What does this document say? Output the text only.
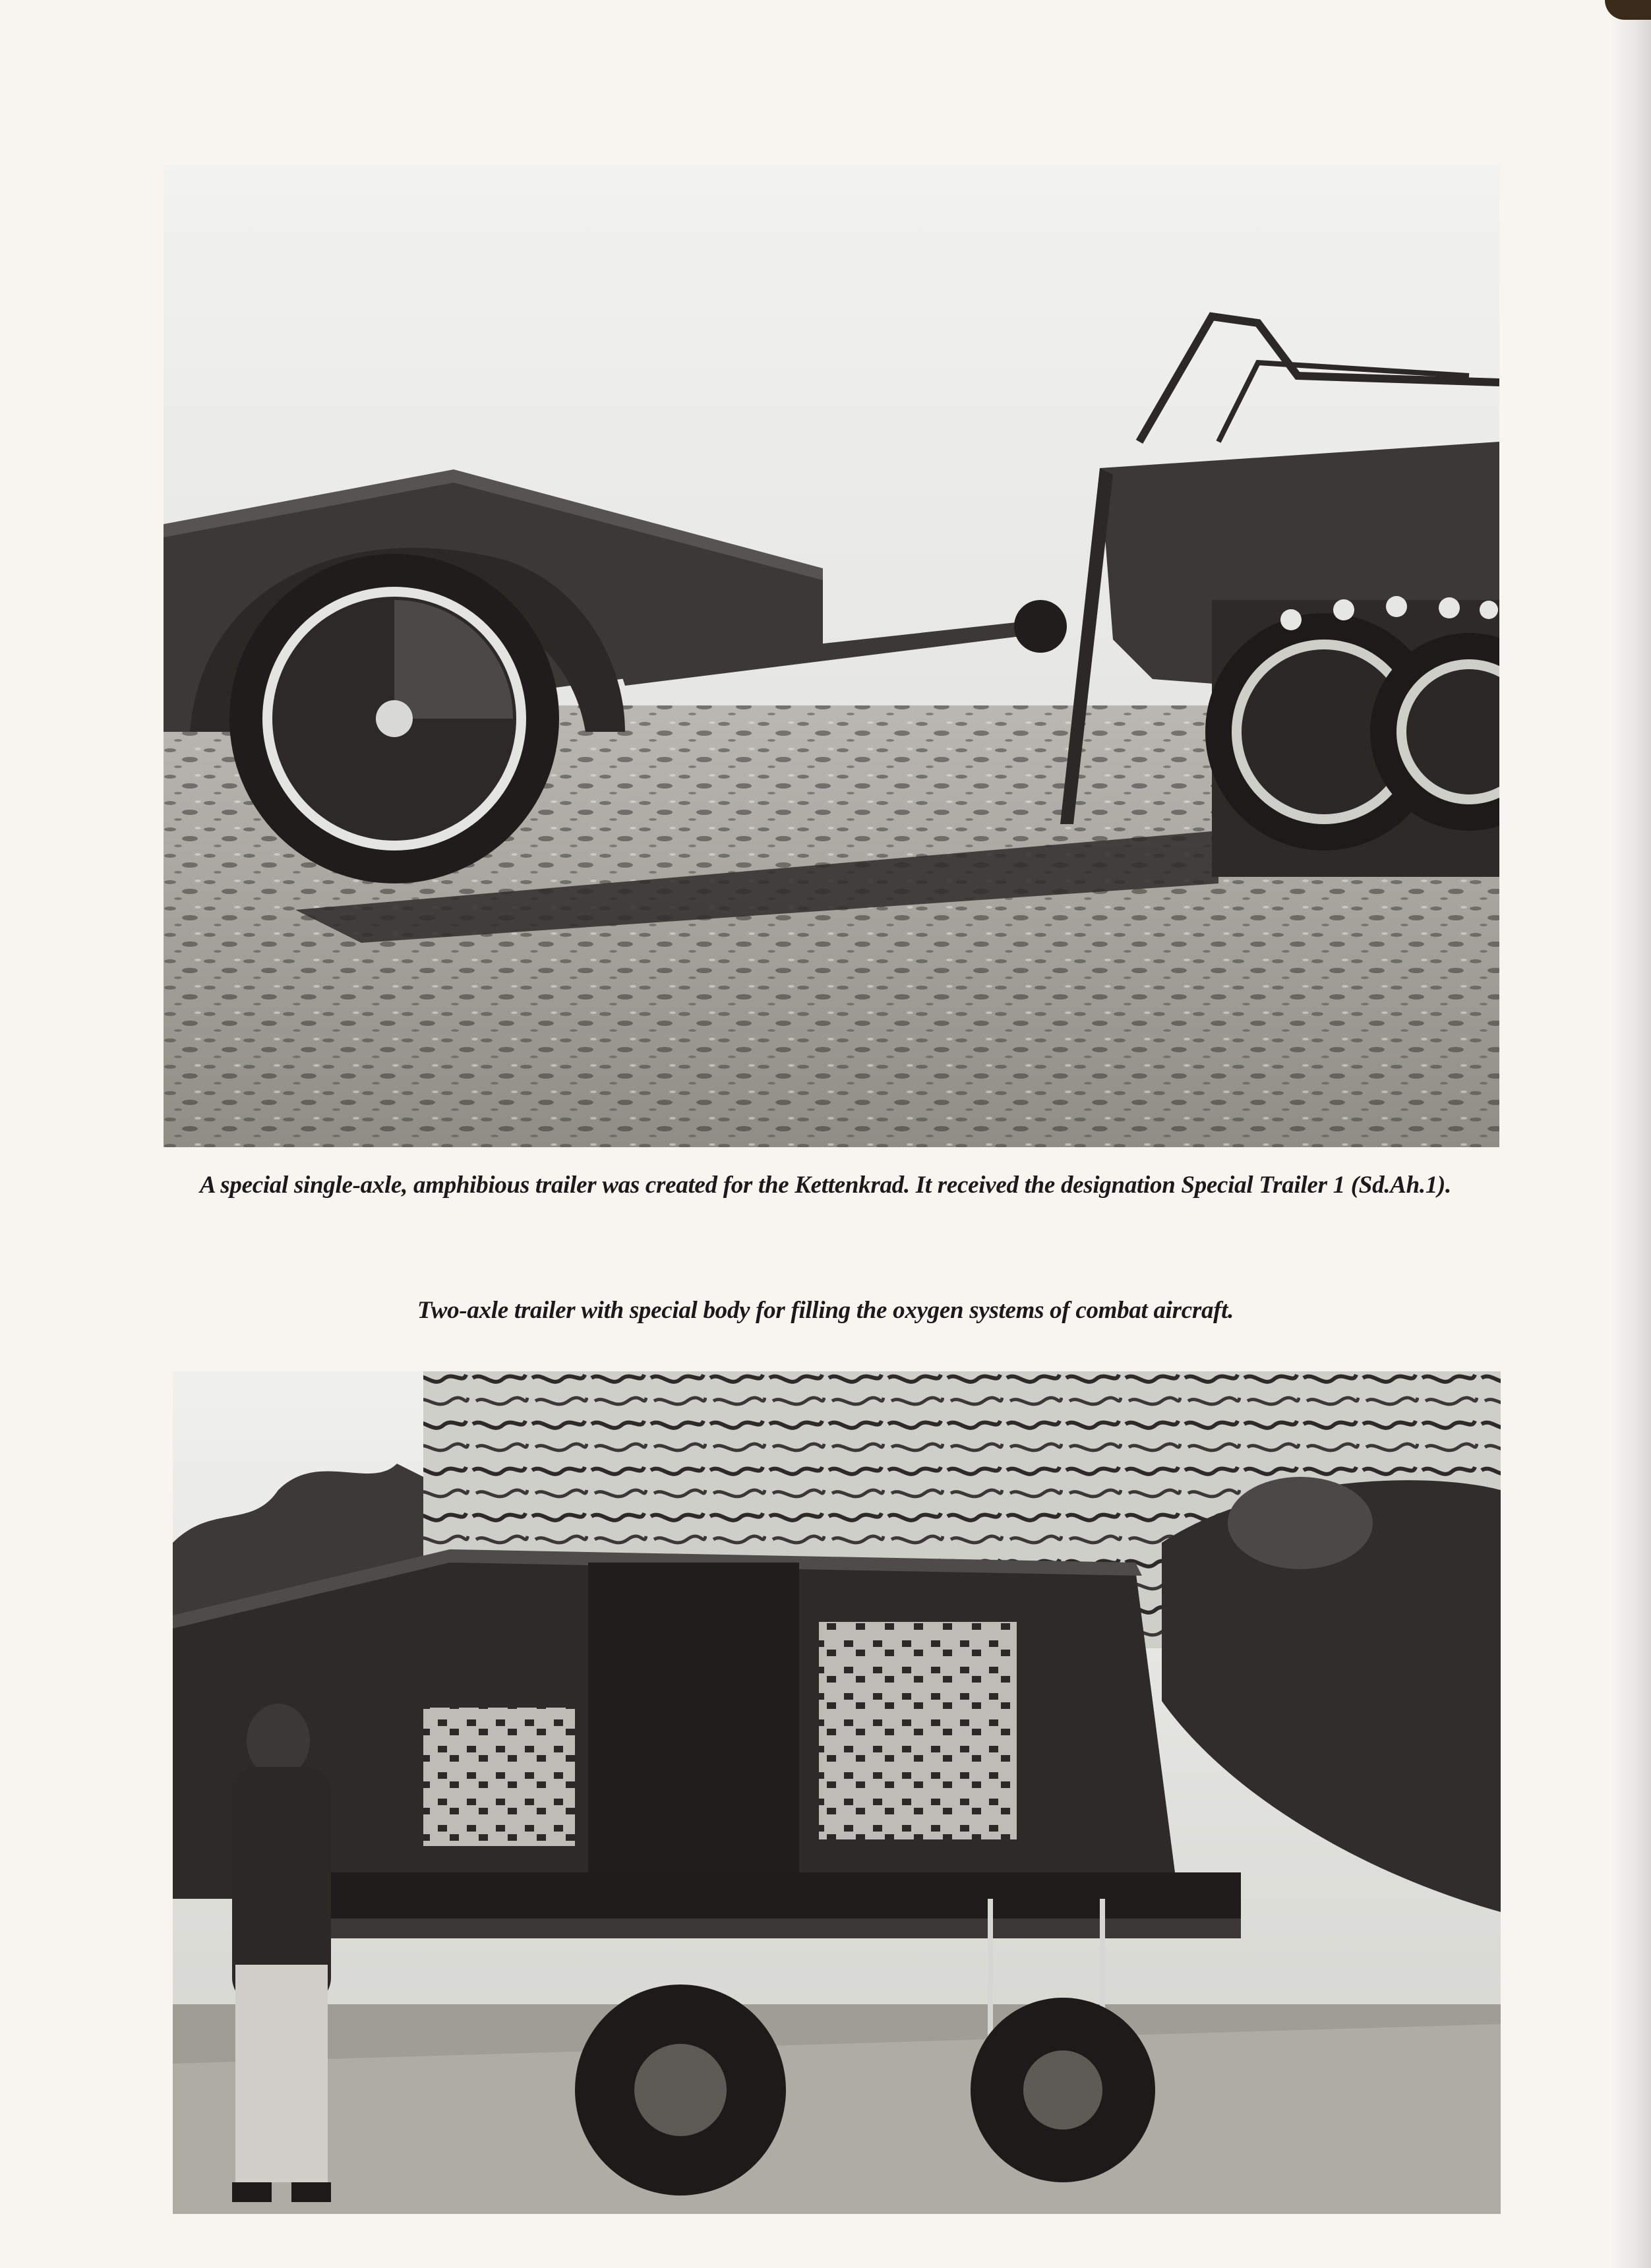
A special single-axle, amphibious trailer was created for the Kettenkrad. It received the designation Special Trailer 1 (Sd.Ah.1).
Two-axle trailer with special body for filling the oxygen systems of combat aircraft.
